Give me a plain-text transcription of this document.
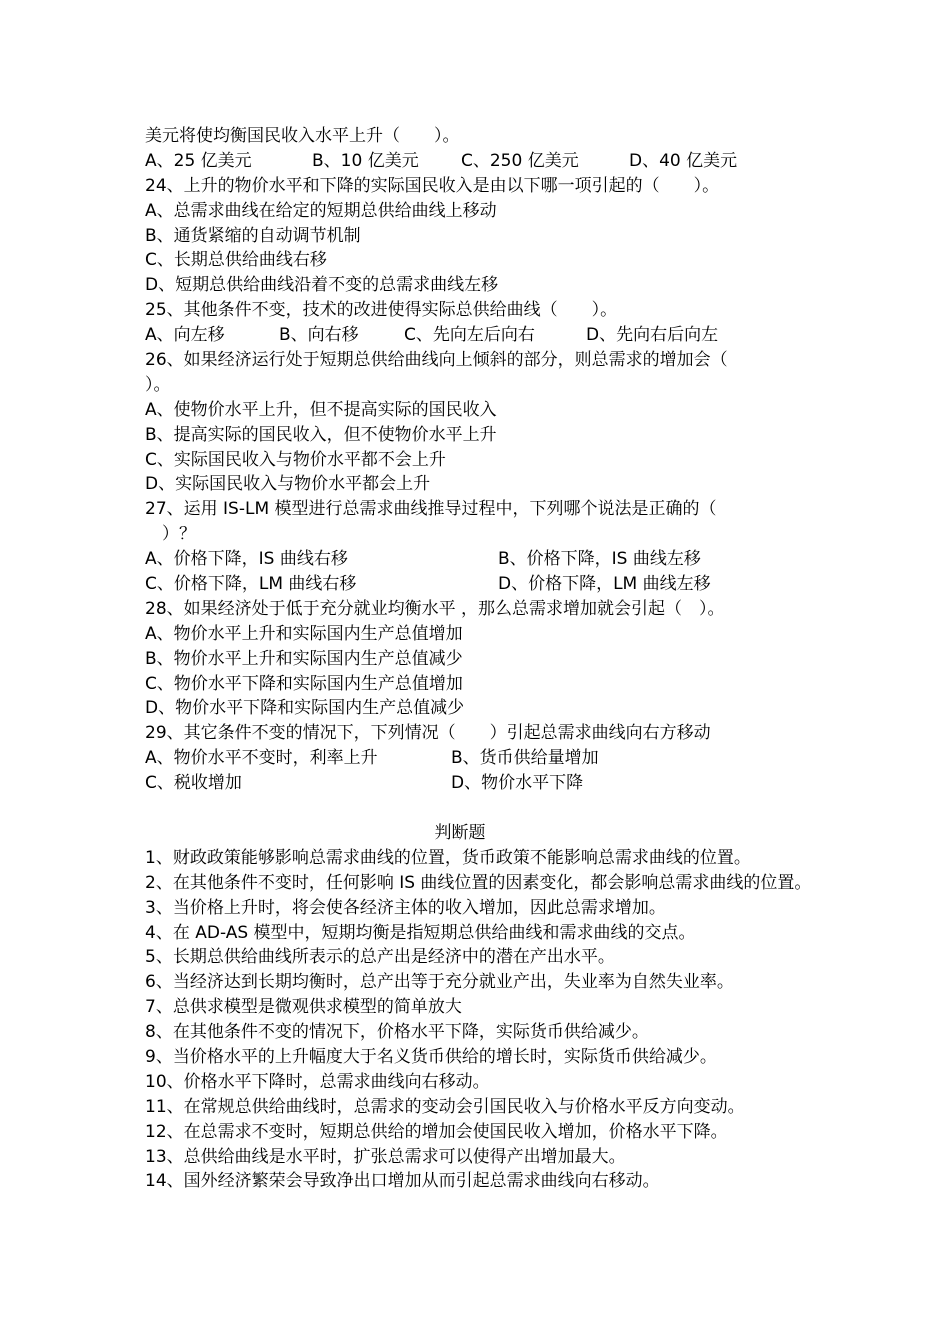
美元将使均衡国民收入水平上升（　　）。
A、25 亿美元	B、10 亿美元 C、250 亿美元	D、40 亿美元
24、上升的物价水平和下降的实际国民收入是由以下哪一项引起的（　　）。
A、总需求曲线在给定的短期总供给曲线上移动
B、通货紧缩的自动调节机制
C、长期总供给曲线右移
D、短期总供给曲线沿着不变的总需求曲线左移
25、其他条件不变，技术的改进使得实际总供给曲线（　　）。
A、向左移	B、向右移	C、先向左后向右	D、先向右后向左
26、如果经济运行处于短期总供给曲线向上倾斜的部分，则总需求的增加会（
）。
A、使物价水平上升，但不提高实际的国民收入
B、提高实际的国民收入，但不使物价水平上升
C、实际国民收入与物价水平都不会上升
D、实际国民收入与物价水平都会上升
27、运用 IS-LM 模型进行总需求曲线推导过程中，下列哪个说法是正确的（
　）？
A、价格下降，IS 曲线右移	B、价格下降，IS 曲线左移
C、价格下降，LM 曲线右移	D、价格下降，LM 曲线左移
28、如果经济处于低于充分就业均衡水平 ，那么总需求增加就会引起（　）。
A、物价水平上升和实际国内生产总值增加
B、物价水平上升和实际国内生产总值减少
C、物价水平下降和实际国内生产总值增加
D、物价水平下降和实际国内生产总值减少
29、其它条件不变的情况下，下列情况（　　）引起总需求曲线向右方移动
A、物价水平不变时，利率上升	B、货币供给量增加
C、税收增加	D、物价水平下降
判断题
1、财政政策能够影响总需求曲线的位置，货币政策不能影响总需求曲线的位置。
2、在其他条件不变时，任何影响 IS 曲线位置的因素变化，都会影响总需求曲线的位置。
3、当价格上升时，将会使各经济主体的收入增加，因此总需求增加。
4、在 AD-AS 模型中，短期均衡是指短期总供给曲线和需求曲线的交点。
5、长期总供给曲线所表示的总产出是经济中的潜在产出水平。
6、当经济达到长期均衡时，总产出等于充分就业产出，失业率为自然失业率。
7、总供求模型是微观供求模型的简单放大
8、在其他条件不变的情况下，价格水平下降，实际货币供给减少。
9、当价格水平的上升幅度大于名义货币供给的增长时，实际货币供给减少。
10、价格水平下降时，总需求曲线向右移动。
11、在常规总供给曲线时，总需求的变动会引国民收入与价格水平反方向变动。
12、在总需求不变时，短期总供给的增加会使国民收入增加，价格水平下降。
13、总供给曲线是水平时，扩张总需求可以使得产出增加最大。
14、国外经济繁荣会导致净出口增加从而引起总需求曲线向右移动。
